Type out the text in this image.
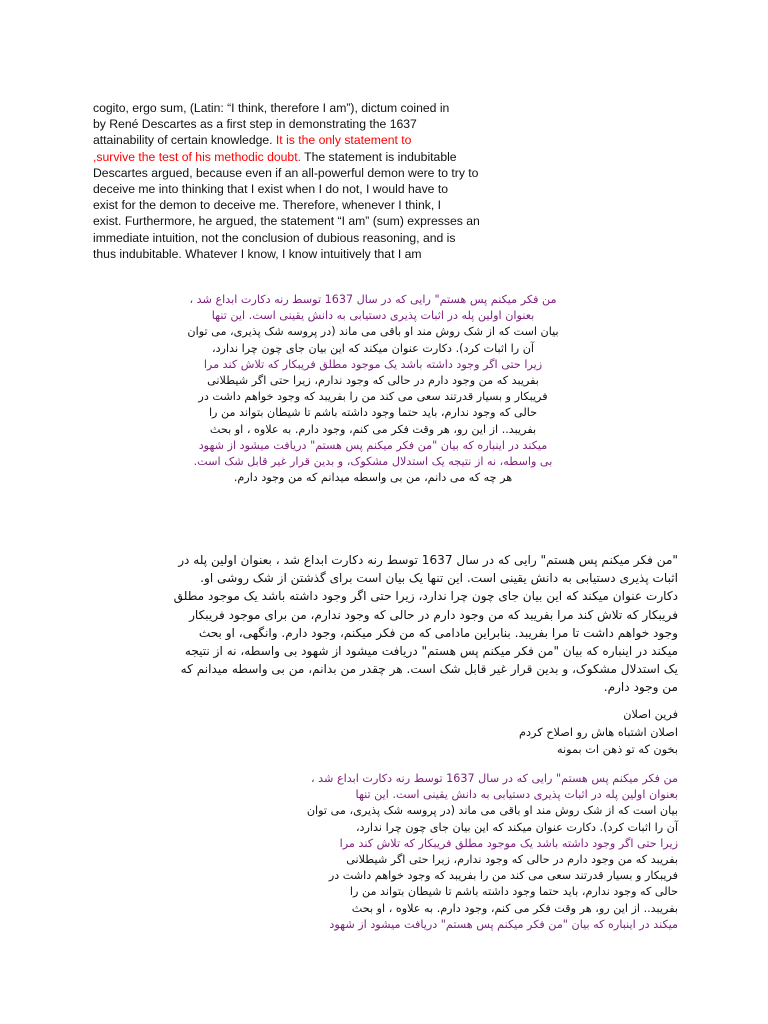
cogito, ergo sum, (Latin: “I think, therefore I am”), dictum coined in
by René Descartes as a first step in demonstrating the 1637
attainability of certain knowledge. It is the only statement to
,survive the test of his methodic doubt. The statement is indubitable
Descartes argued, because even if an all-powerful demon were to try to
deceive me into thinking that I exist when I do not, I would have to
exist for the demon to deceive me. Therefore, whenever I think, I
exist. Furthermore, he argued, the statement “I am” (sum) expresses an
immediate intuition, not the conclusion of dubious reasoning, and is
thus indubitable. Whatever I know, I know intuitively that I am
من فکر میکنم پس هستم" رایی که در سال 1637 توسط رنه دکارت ابداع شد ،
بعنوان اولین پله در اثبات پذیری دستیابی به دانش یقینی است. این تنها
بیان است که از شک روش مند او باقی می ماند (در پروسه شک پذیری، می توان
آن را اثبات کرد). دکارت عنوان میکند که این بیان جای چون چرا ندارد،
زیرا حتی اگر وجود داشته باشد یک موجود مطلق فریبکار که تلاش کند مرا
بفریبد که من وجود دارم در حالی که وجود ندارم، زیرا حتی اگر شیطلانی
فریبکار و بسیار قدرتند سعی می کند من را بفریبد که وجود خواهم داشت در
حالی که وجود ندارم، باید حتما وجود داشته باشم تا شیطان بتواند من را
بفریبد.. از این رو، هر وقت فکر می کنم، وجود دارم. به علاوه ، او بحث
میکند در اینباره که بیان "من فکر میکنم پس هستم" دریافت میشود از شهود
بی واسطه، نه از نتیجه یک استدلال مشکوک، و بدین قرار غیر قابل شک است.
هر چه که می دانم، من بی واسطه میدانم که من وجود دارم.
"من فکر میکنم پس هستم" رایی که در سال 1637 توسط رنه دکارت ابداع شد ، بعنوان اولین پله در
اثبات پذیری دستیابی به دانش یقینی است. این تنها یک بیان است برای گذشتن از شک روشی او.
دکارت عنوان میکند که این بیان جای چون چرا ندارد، زیرا حتی اگر وجود داشته باشد یک موجود مطلق
فریبکار که تلاش کند مرا بفریبد که من وجود دارم در حالی که وجود ندارم، من برای موجود فریبکار
وجود خواهم داشت تا مرا بفریبد. بنابراین مادامی که من فکر میکنم، وجود دارم. وانگهی، او بحث
میکند در اینباره که بیان "من فکر میکنم پس هستم" دریافت میشود از شهود بی واسطه، نه از نتیجه
یک استدلال مشکوک، و بدین قرار غیر قابل شک است. هر چقدر من بدانم، من بی واسطه میدانم که
من وجود دارم.
فرین اصلان
اصلان اشتباه هاش رو اصلاح کردم
بخون که تو ذهن ات بمونه
من فکر میکنم پس هستم" رایی که در سال 1637 توسط رنه دکارت ابداع شد ،
بعنوان اولین پله در اثبات پذیری دستیابی به دانش یقینی است. این تنها
بیان است که از شک روش مند او باقی می ماند (در پروسه شک پذیری، می توان
آن را اثبات کرد). دکارت عنوان میکند که این بیان جای چون چرا ندارد،
زیرا حتی اگر وجود داشته باشد یک موجود مطلق فریبکار که تلاش کند مرا
بفریبد که من وجود دارم در حالی که وجود ندارم، زیرا حتی اگر شیطلانی
فریبکار و بسیار قدرتند سعی می کند من را بفریبد که وجود خواهم داشت در
حالی که وجود ندارم، باید حتما وجود داشته باشم تا شیطان بتواند من را
بفریبد.. از این رو، هر وقت فکر می کنم، وجود دارم. به علاوه ، او بحث
میکند در اینباره که بیان "من فکر میکنم پس هستم" دریافت میشود از شهود
